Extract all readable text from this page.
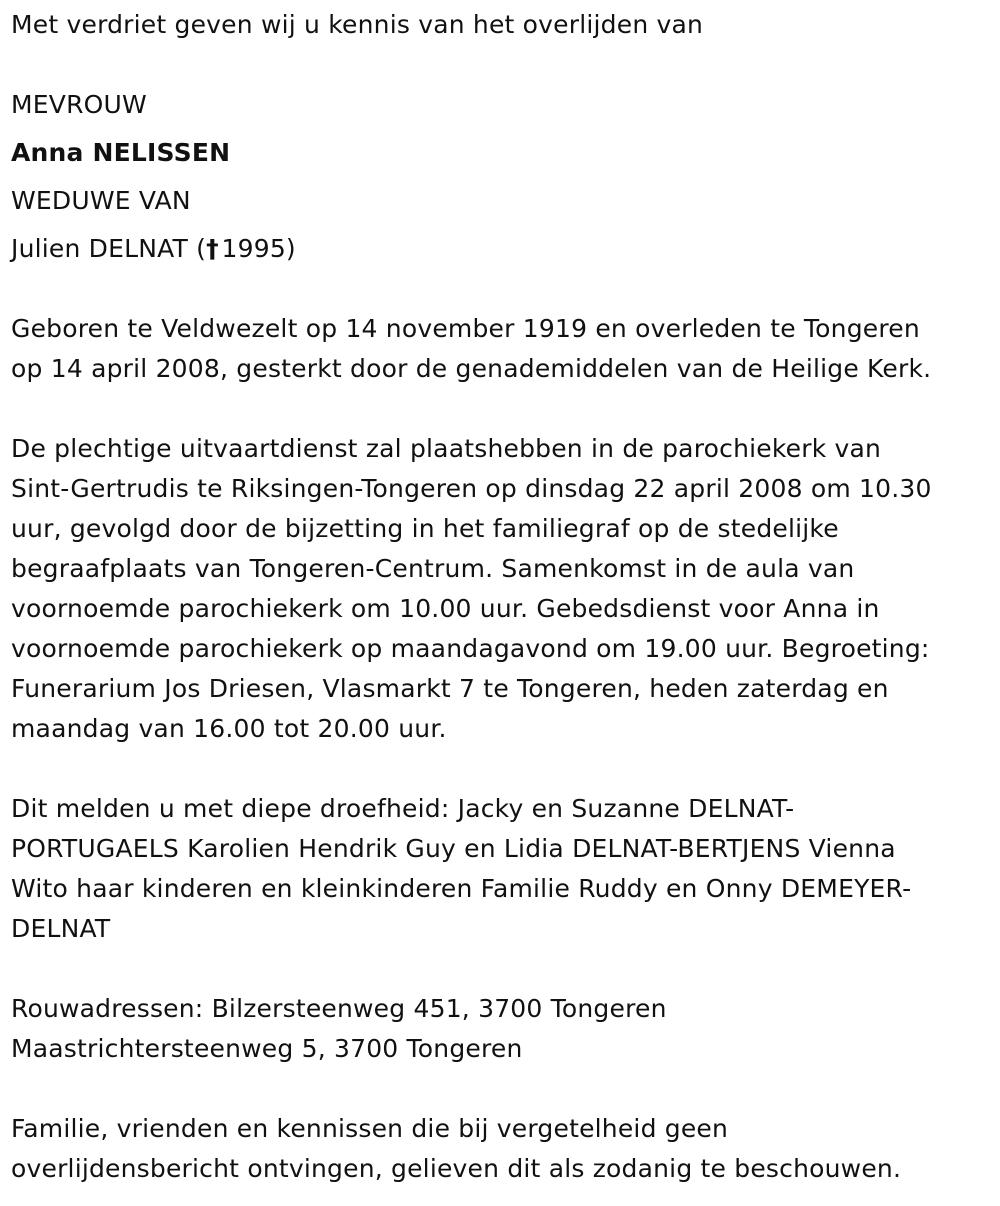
Met verdriet geven wij u kennis van het overlijden van
MEVROUW
Anna NELISSEN
WEDUWE VAN
Julien DELNAT (†  1995)
Geboren te Veldwezelt op 14 november 1919 en overleden te Tongeren
op 14 april 2008, gesterkt door de genademiddelen van de Heilige Kerk.
De plechtige uitvaartdienst zal plaatshebben in de parochiekerk van
Sint-Gertrudis te Riksingen-Tongeren op dinsdag 22 april 2008 om 10.30
uur, gevolgd door de bijzetting in het familiegraf op de stedelijke
begraafplaats van Tongeren-Centrum. Samenkomst in de aula van
voornoemde parochiekerk om 10.00 uur. Gebedsdienst voor Anna in
voornoemde parochiekerk op maandagavond om 19.00 uur. Begroeting:
Funerarium Jos Driesen, Vlasmarkt 7 te Tongeren, heden zaterdag en
maandag van 16.00 tot 20.00 uur.
Dit melden u met diepe droefheid: Jacky en Suzanne DELNAT-
PORTUGAELS Karolien Hendrik Guy en Lidia DELNAT-BERTJENS Vienna
Wito haar kinderen en kleinkinderen Familie Ruddy en Onny DEMEYER-
DELNAT
Rouwadressen: Bilzersteenweg 451, 3700 Tongeren
Maastrichtersteenweg 5, 3700 Tongeren
Familie, vrienden en kennissen die bij vergetelheid geen
overlijdensbericht ontvingen, gelieven dit als zodanig te beschouwen.
